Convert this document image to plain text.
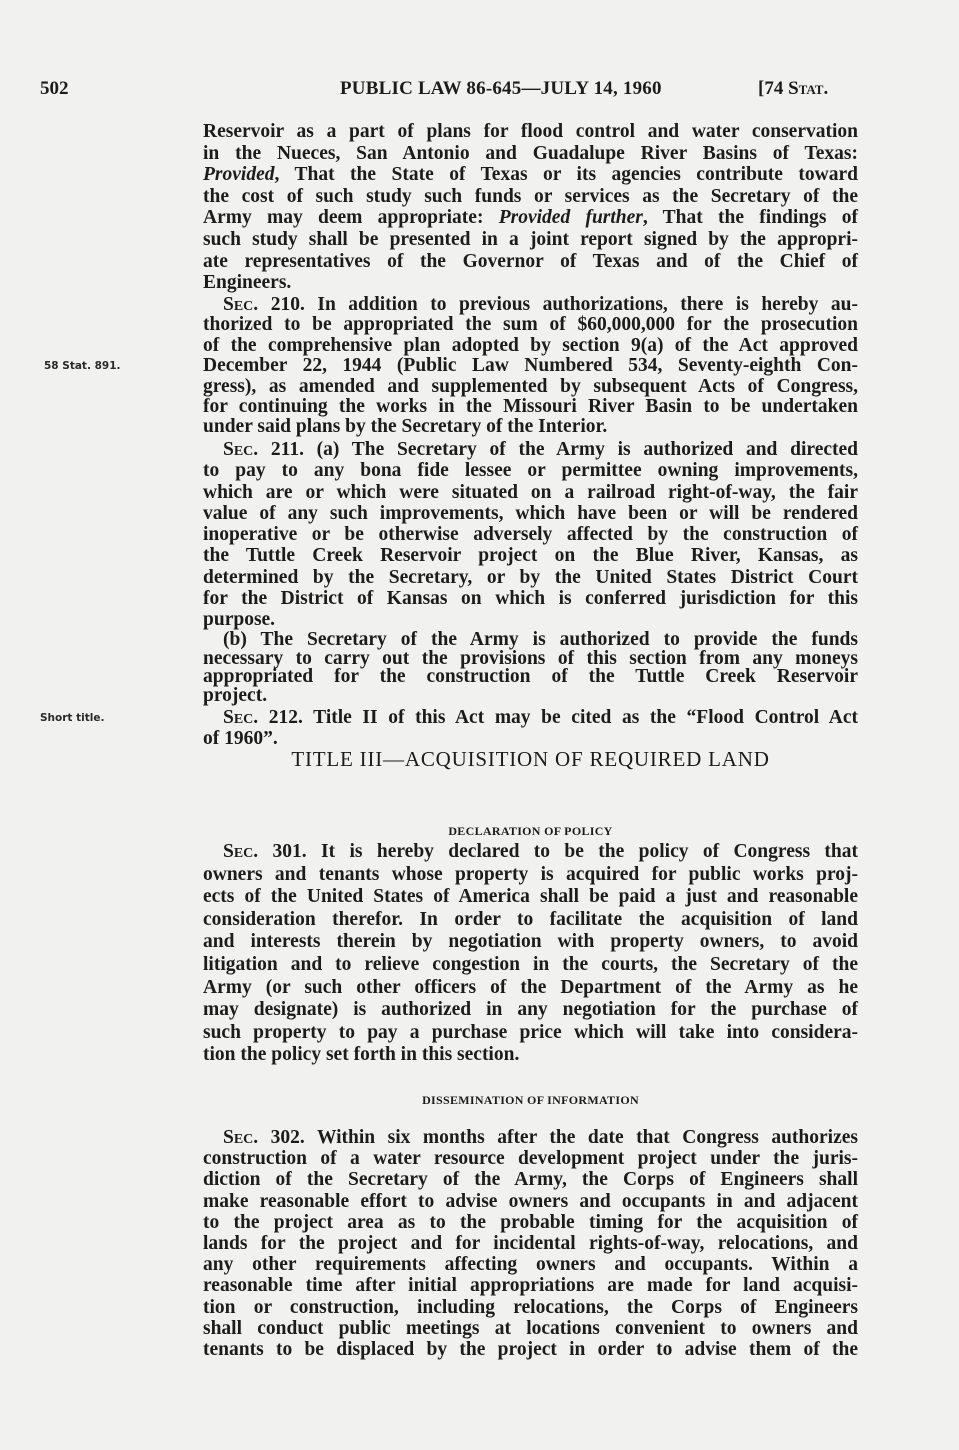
502	PUBLIC LAW 86-645—JULY 14, 1960	[74 Stat.
58 Stat. 891.
Short title.
Reservoir as a part of plans for flood control and water conservation
in the Nueces, San Antonio and Guadalupe River Basins of Texas:
Provided, That the State of Texas or its agencies contribute toward
the cost of such study such funds or services as the Secretary of the
Army may deem appropriate: Provided further, That the findings of
such study shall be presented in a joint report signed by the appropri-
ate representatives of the Governor of Texas and of the Chief of
Engineers.
Sec. 210. In addition to previous authorizations, there is hereby au-
thorized to be appropriated the sum of $60,000,000 for the prosecution
of the comprehensive plan adopted by section 9(a) of the Act approved
December 22, 1944 (Public Law Numbered 534, Seventy-eighth Con-
gress), as amended and supplemented by subsequent Acts of Congress,
for continuing the works in the Missouri River Basin to be undertaken
under said plans by the Secretary of the Interior.
Sec. 211. (a) The Secretary of the Army is authorized and directed
to pay to any bona fide lessee or permittee owning improvements,
which are or which were situated on a railroad right-of-way, the fair
value of any such improvements, which have been or will be rendered
inoperative or be otherwise adversely affected by the construction of
the Tuttle Creek Reservoir project on the Blue River, Kansas, as
determined by the Secretary, or by the United States District Court
for the District of Kansas on which is conferred jurisdiction for this
purpose.
(b) The Secretary of the Army is authorized to provide the funds
necessary to carry out the provisions of this section from any moneys
appropriated for the construction of the Tuttle Creek Reservoir
project.
Sec. 212. Title II of this Act may be cited as the “Flood Control Act
of 1960”.
TITLE III—ACQUISITION OF REQUIRED LAND
DECLARATION OF POLICY
Sec. 301. It is hereby declared to be the policy of Congress that
owners and tenants whose property is acquired for public works proj-
ects of the United States of America shall be paid a just and reasonable
consideration therefor. In order to facilitate the acquisition of land
and interests therein by negotiation with property owners, to avoid
litigation and to relieve congestion in the courts, the Secretary of the
Army (or such other officers of the Department of the Army as he
may designate) is authorized in any negotiation for the purchase of
such property to pay a purchase price which will take into considera-
tion the policy set forth in this section.
DISSEMINATION OF INFORMATION
Sec. 302. Within six months after the date that Congress authorizes
construction of a water resource development project under the juris-
diction of the Secretary of the Army, the Corps of Engineers shall
make reasonable effort to advise owners and occupants in and adjacent
to the project area as to the probable timing for the acquisition of
lands for the project and for incidental rights-of-way, relocations, and
any other requirements affecting owners and occupants. Within a
reasonable time after initial appropriations are made for land acquisi-
tion or construction, including relocations, the Corps of Engineers
shall conduct public meetings at locations convenient to owners and
tenants to be displaced by the project in order to advise them of the
